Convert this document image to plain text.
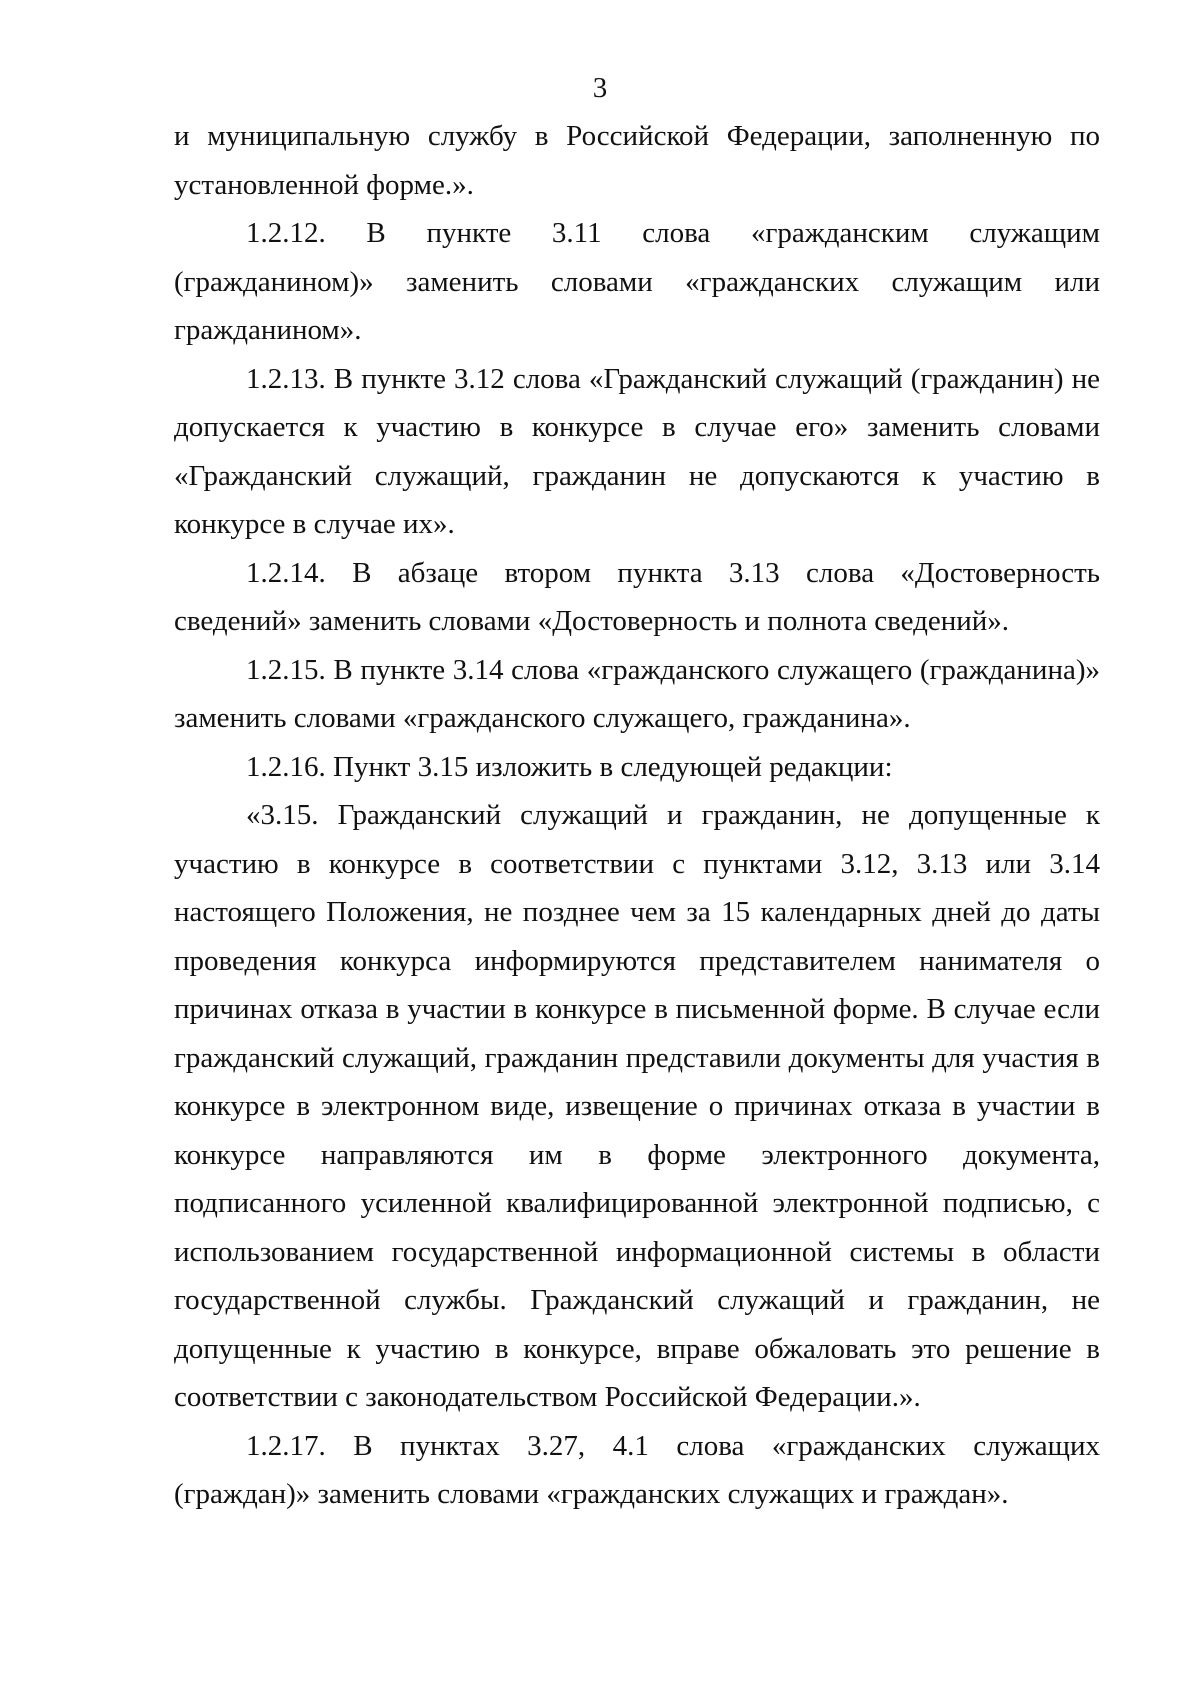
3

и муниципальную службу в Российской Федерации, заполненную по установленной форме.».

1.2.12. В пункте 3.11 слова «гражданским служащим (гражданином)» заменить словами «гражданских служащим или гражданином».

1.2.13. В пункте 3.12 слова «Гражданский служащий (гражданин) не допускается к участию в конкурсе в случае его» заменить словами «Гражданский служащий, гражданин не допускаются к участию в конкурсе в случае их».

1.2.14. В абзаце втором пункта 3.13 слова «Достоверность сведений» заменить словами «Достоверность и полнота сведений».

1.2.15. В пункте 3.14 слова «гражданского служащего (гражданина)» заменить словами «гражданского служащего, гражданина».

1.2.16. Пункт 3.15 изложить в следующей редакции:

«3.15. Гражданский служащий и гражданин, не допущенные к участию в конкурсе в соответствии с пунктами 3.12, 3.13 или 3.14 настоящего Положения, не позднее чем за 15 календарных дней до даты проведения конкурса информируются представителем нанимателя о причинах отказа в участии в конкурсе в письменной форме. В случае если гражданский служащий, гражданин представили документы для участия в конкурсе в электронном виде, извещение о причинах отказа в участии в конкурсе направляются им в форме электронного документа, подписанного усиленной квалифицированной электронной подписью, с использованием государственной информационной системы в области государственной службы. Гражданский служащий и гражданин, не допущенные к участию в конкурсе, вправе обжаловать это решение в соответствии с законодательством Российской Федерации.».

1.2.17. В пунктах 3.27, 4.1 слова «гражданских служащих (граждан)» заменить словами «гражданских служащих и граждан».
